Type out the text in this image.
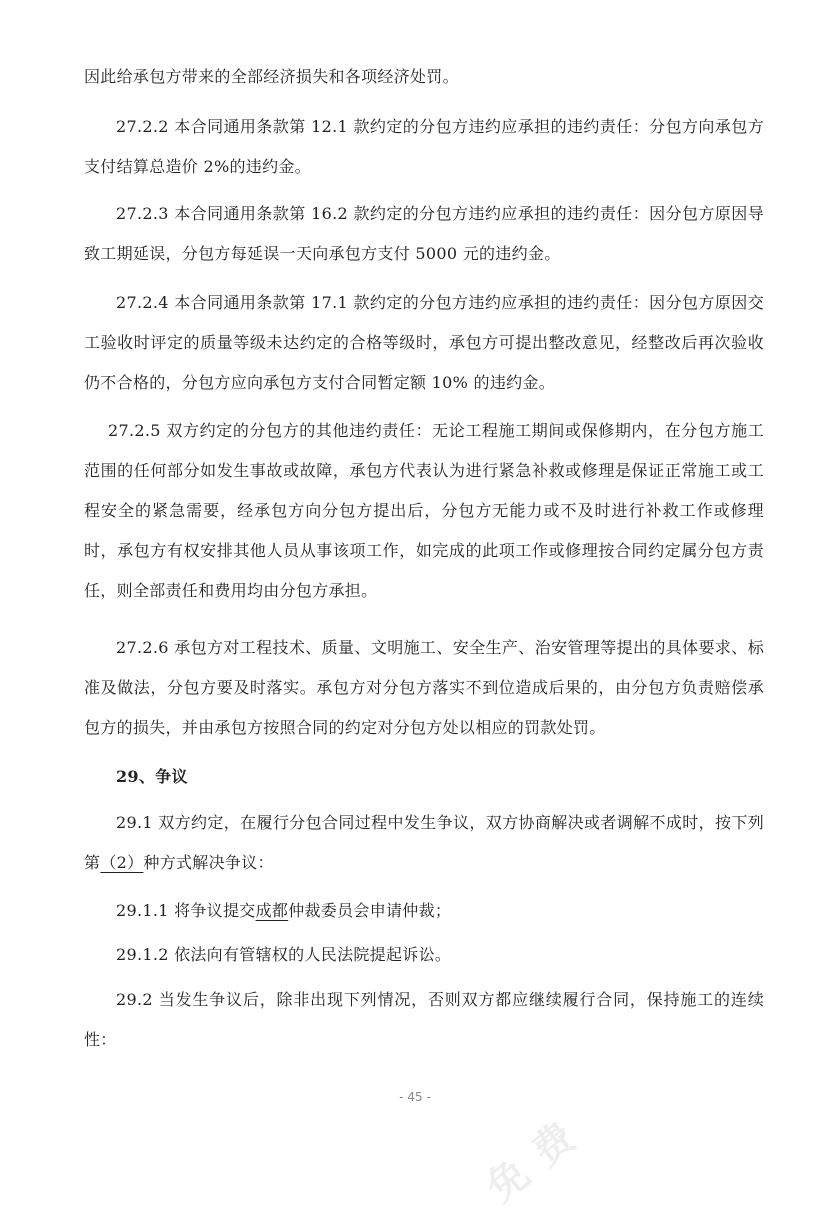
因此给承包方带来的全部经济损失和各项经济处罚。

27.2.2 本合同通用条款第 12.1 款约定的分包方违约应承担的违约责任：分包方向承包方支付结算总造价 2%的违约金。

27.2.3 本合同通用条款第 16.2 款约定的分包方违约应承担的违约责任：因分包方原因导致工期延误，分包方每延误一天向承包方支付 5000 元的违约金。

27.2.4 本合同通用条款第 17.1 款约定的分包方违约应承担的违约责任：因分包方原因交工验收时评定的质量等级未达约定的合格等级时，承包方可提出整改意见，经整改后再次验收仍不合格的，分包方应向承包方支付合同暂定额 10% 的违约金。

27.2.5 双方约定的分包方的其他违约责任：无论工程施工期间或保修期内，在分包方施工范围的任何部分如发生事故或故障，承包方代表认为进行紧急补救或修理是保证正常施工或工程安全的紧急需要，经承包方向分包方提出后，分包方无能力或不及时进行补救工作或修理时，承包方有权安排其他人员从事该项工作，如完成的此项工作或修理按合同约定属分包方责任，则全部责任和费用均由分包方承担。

27.2.6 承包方对工程技术、质量、文明施工、安全生产、治安管理等提出的具体要求、标准及做法，分包方要及时落实。承包方对分包方落实不到位造成后果的，由分包方负责赔偿承包方的损失，并由承包方按照合同的约定对分包方处以相应的罚款处罚。

29、争议

29.1 双方约定，在履行分包合同过程中发生争议，双方协商解决或者调解不成时，按下列第（2）种方式解决争议：

29.1.1 将争议提交成都仲裁委员会申请仲裁；

29.1.2 依法向有管辖权的人民法院提起诉讼。

29.2 当发生争议后，除非出现下列情况，否则双方都应继续履行合同，保持施工的连续性：

- 45 -
免费
